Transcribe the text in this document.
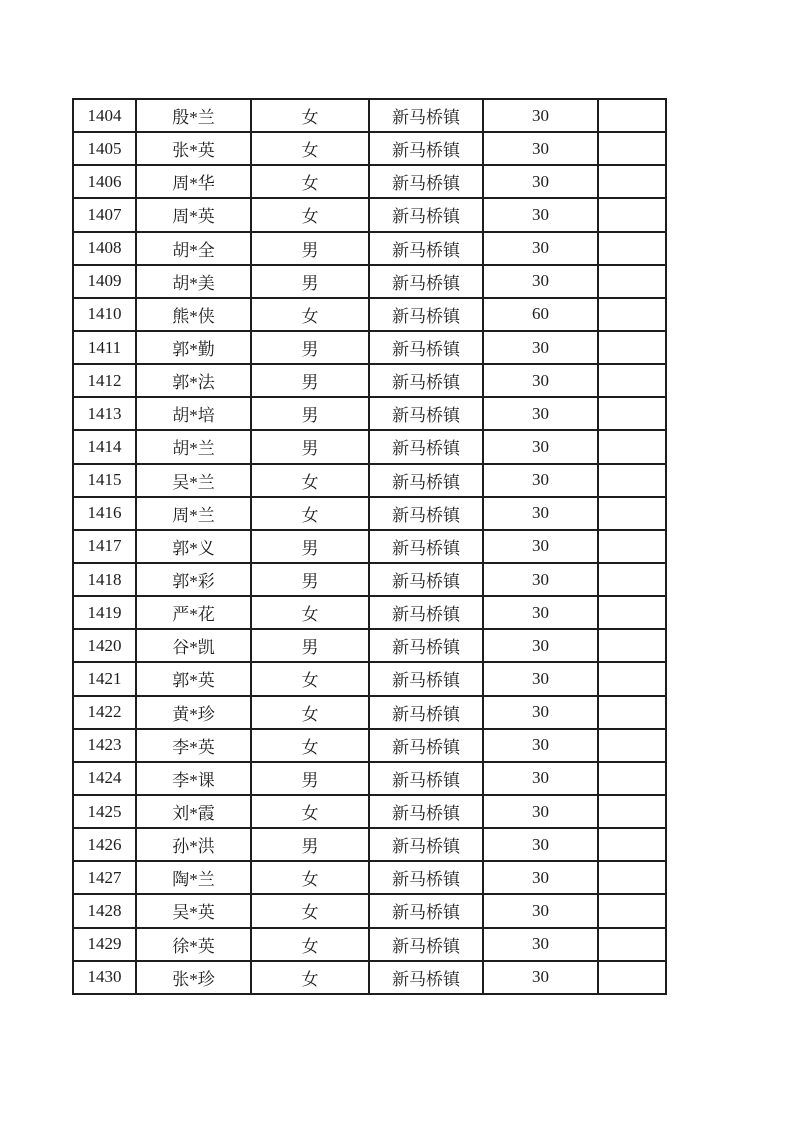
1404	殷*兰	女	新马桥镇	30	
1405	张*英	女	新马桥镇	30	
1406	周*华	女	新马桥镇	30	
1407	周*英	女	新马桥镇	30	
1408	胡*全	男	新马桥镇	30	
1409	胡*美	男	新马桥镇	30	
1410	熊*侠	女	新马桥镇	60	
1411	郭*勤	男	新马桥镇	30	
1412	郭*法	男	新马桥镇	30	
1413	胡*培	男	新马桥镇	30	
1414	胡*兰	男	新马桥镇	30	
1415	吴*兰	女	新马桥镇	30	
1416	周*兰	女	新马桥镇	30	
1417	郭*义	男	新马桥镇	30	
1418	郭*彩	男	新马桥镇	30	
1419	严*花	女	新马桥镇	30	
1420	谷*凯	男	新马桥镇	30	
1421	郭*英	女	新马桥镇	30	
1422	黄*珍	女	新马桥镇	30	
1423	李*英	女	新马桥镇	30	
1424	李*课	男	新马桥镇	30	
1425	刘*霞	女	新马桥镇	30	
1426	孙*洪	男	新马桥镇	30	
1427	陶*兰	女	新马桥镇	30	
1428	吴*英	女	新马桥镇	30	
1429	徐*英	女	新马桥镇	30	
1430	张*珍	女	新马桥镇	30	
